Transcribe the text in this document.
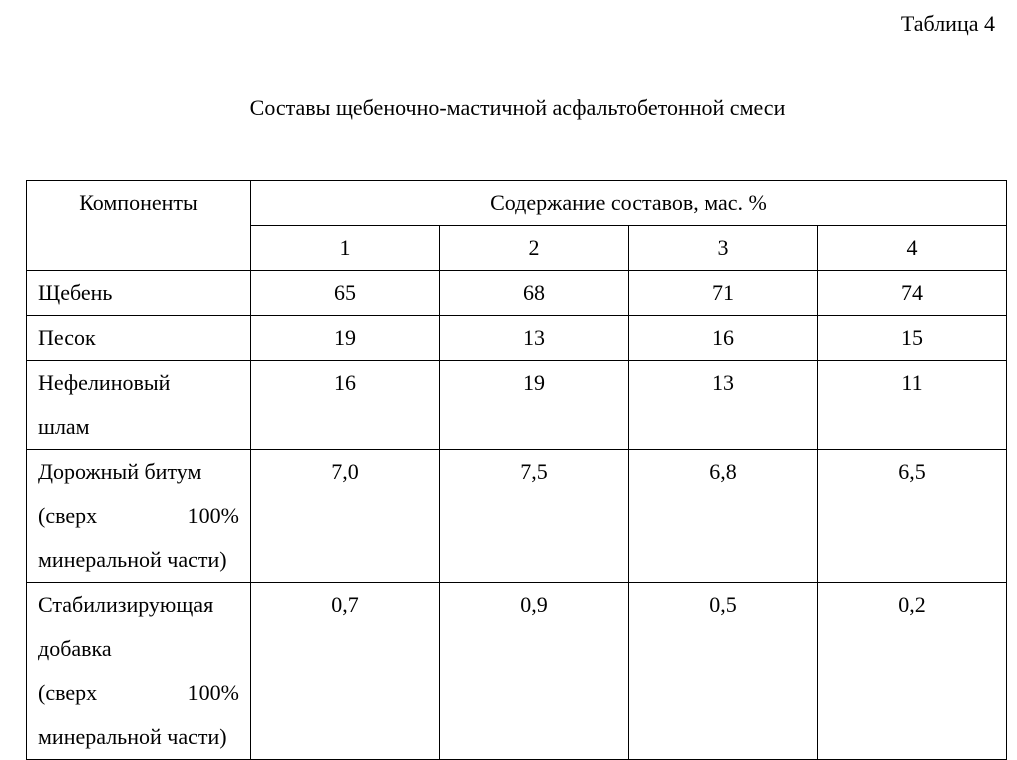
Таблица 4
Составы щебеночно-мастичной асфальтобетонной смеси
Компоненты	Содержание составов, мас. %			
	1	2	3	4

Щебень	65	68	71	74

Песок	19	13	16	15

Нефелиновый
шлам	16	19	13	11

Дорожный битум
(сверх 100%
минеральной части)	7,0	7,5	6,8	6,5

Стабилизирующая
добавка
(сверх 100%
минеральной части)	0,7	0,9	0,5	0,2
